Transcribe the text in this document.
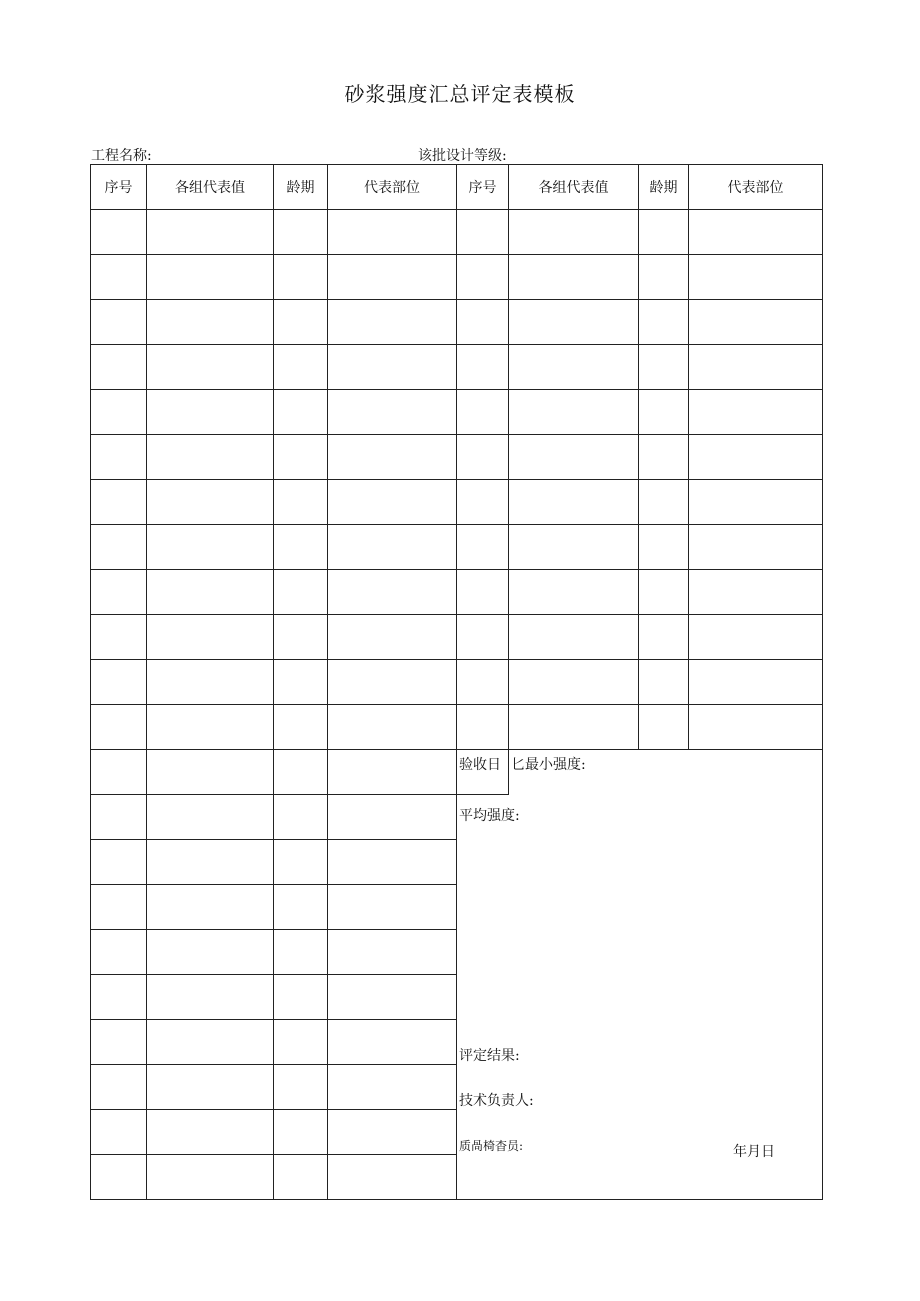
砂浆强度汇总评定表模板
工程名称:	该批设计等级:
序号	各组代表值	龄期	代表部位	序号	各组代表值	龄期	代表部位

				验收日	匕最小强度:		

				平均强度:
评定结果:
技术负责人:
质咼椅杳员: 年月日			
